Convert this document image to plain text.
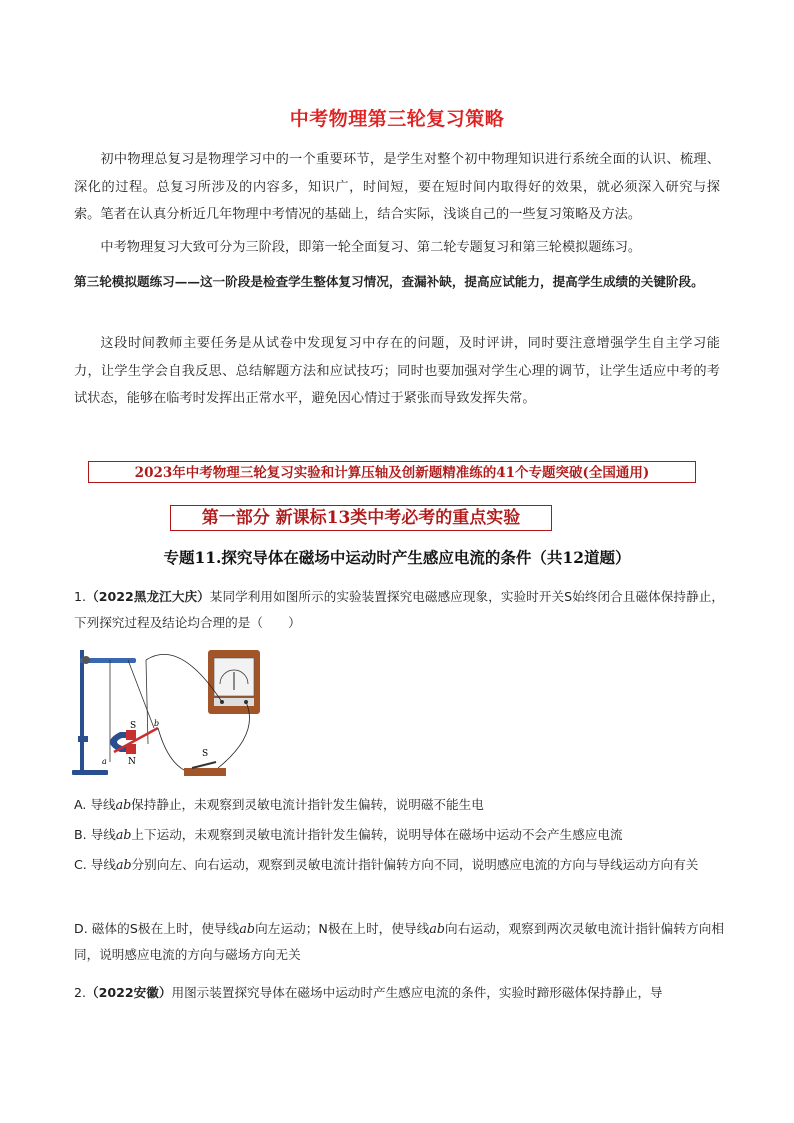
中考物理第三轮复习策略
初中物理总复习是物理学习中的一个重要环节，是学生对整个初中物理知识进行系统全面的认识、梳理、深化的过程。总复习所涉及的内容多，知识广，时间短，要在短时间内取得好的效果，就必须深入研究与探索。笔者在认真分析近几年物理中考情况的基础上，结合实际，浅谈自己的一些复习策略及方法。
中考物理复习大致可分为三阶段，即第一轮全面复习、第二轮专题复习和第三轮模拟题练习。
第三轮模拟题练习——这一阶段是检查学生整体复习情况，查漏补缺，提高应试能力，提高学生成绩的关键阶段。
这段时间教师主要任务是从试卷中发现复习中存在的问题，及时评讲，同时要注意增强学生自主学习能力，让学生学会自我反思、总结解题方法和应试技巧；同时也要加强对学生心理的调节，让学生适应中考的考试状态，能够在临考时发挥出正常水平，避免因心情过于紧张而导致发挥失常。
2023年中考物理三轮复习实验和计算压轴及创新题精准练的41个专题突破(全国通用)
第一部分 新课标13类中考必考的重点实验
专题11.探究导体在磁场中运动时产生感应电流的条件（共12道题）
1.（2022黑龙江大庆）某同学利用如图所示的实验装置探究电磁感应现象，实验时开关S始终闭合且磁体保持静止，下列探究过程及结论均合理的是（　　）
S
N
a
b
S
A. 导线ab保持静止，未观察到灵敏电流计指针发生偏转，说明磁不能生电
B. 导线ab上下运动，未观察到灵敏电流计指针发生偏转，说明导体在磁场中运动不会产生感应电流
C. 导线ab分别向左、向右运动，观察到灵敏电流计指针偏转方向不同，说明感应电流的方向与导线运动方向有关
D. 磁体的S极在上时，使导线ab向左运动；N极在上时，使导线ab向右运动，观察到两次灵敏电流计指针偏转方向相同，说明感应电流的方向与磁场方向无关
2.（2022安徽）用图示装置探究导体在磁场中运动时产生感应电流的条件，实验时蹄形磁体保持静止，导
